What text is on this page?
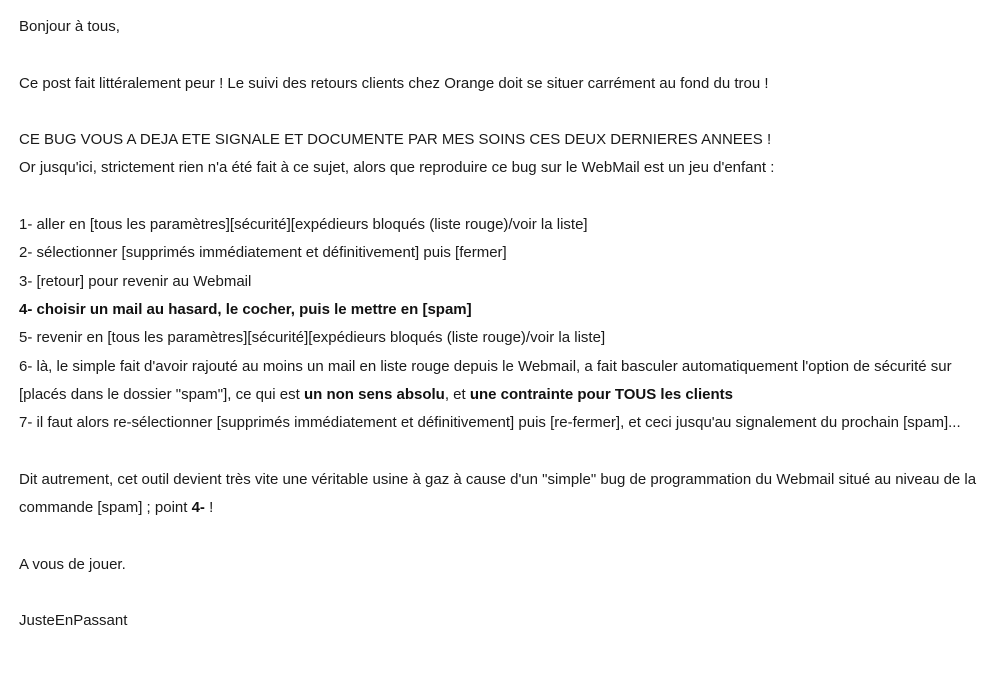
Bonjour à tous,
Ce post fait littéralement peur ! Le suivi des retours clients chez Orange doit se situer carrément au fond du trou !
CE BUG VOUS A DEJA ETE SIGNALE ET DOCUMENTE PAR MES SOINS CES DEUX DERNIERES ANNEES !
Or jusqu'ici, strictement rien n'a été fait à ce sujet, alors que reproduire ce bug sur le WebMail est un jeu d'enfant :
1- aller en [tous les paramètres][sécurité][expédieurs bloqués (liste rouge)/voir la liste]
2- sélectionner [supprimés immédiatement et définitivement] puis [fermer]
3- [retour] pour revenir au Webmail
4- choisir un mail au hasard, le cocher, puis le mettre en [spam]
5- revenir en [tous les paramètres][sécurité][expédieurs bloqués (liste rouge)/voir la liste]
6- là, le simple fait d'avoir rajouté au moins un mail en liste rouge depuis le Webmail, a fait basculer automatiquement l'option de sécurité sur [placés dans le dossier "spam"], ce qui est un non sens absolu, et une contrainte pour TOUS les clients
7- il faut alors re-sélectionner [supprimés immédiatement et définitivement] puis [re-fermer], et ceci jusqu'au signalement du prochain [spam]...
Dit autrement, cet outil devient très vite une véritable usine à gaz à cause d'un "simple" bug de programmation du Webmail situé au niveau de la commande [spam] ; point 4- !
A vous de jouer.
JusteEnPassant
